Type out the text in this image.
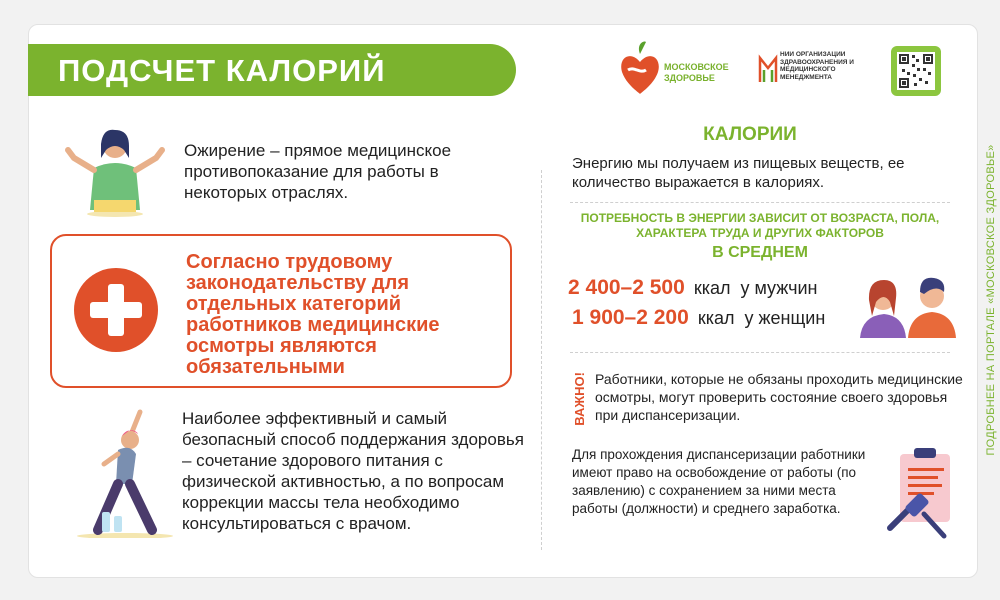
ПОДСЧЕТ КАЛОРИЙ	МОСКОВСКОЕ ЗДОРОВЬЕ
НИИ ОРГАНИЗАЦИИ ЗДРАВООХРАНЕНИЯ И МЕДИЦИНСКОГО МЕНЕДЖМЕНТА
ПОДРОБНЕЕ НА ПОРТАЛЕ «МОСКОВСКОЕ ЗДОРОВЬЕ»
Ожирение – прямое медицинское противопоказание для работы в некоторых отраслях.
Согласно трудовому законодательству для отдельных категорий работников медицинские осмотры являются обязательными
Наиболее эффективный и самый безопасный способ поддержания здоровья – сочетание здорового питания с физической активностью, а по вопросам коррекции массы тела необходимо консультироваться с врачом.
КАЛОРИИ
Энергию мы получаем из пищевых веществ, ее количество выражается в калориях.
ПОТРЕБНОСТЬ В ЭНЕРГИИ ЗАВИСИТ ОТ ВОЗРАСТА, ПОЛА, ХАРАКТЕРА ТРУДА И ДРУГИХ ФАКТОРОВ
В СРЕДНЕМ
2 400–2 500 ккал  у мужчин
1 900–2 200 ккал  у женщин
ВАЖНО! Работники, которые не обязаны проходить медицинские осмотры, могут проверить состояние своего здоровья при диспансеризации.
Для прохождения диспансеризации работники имеют право на освобождение от работы (по заявлению) с сохранением за ними места работы (должности) и среднего заработка.
